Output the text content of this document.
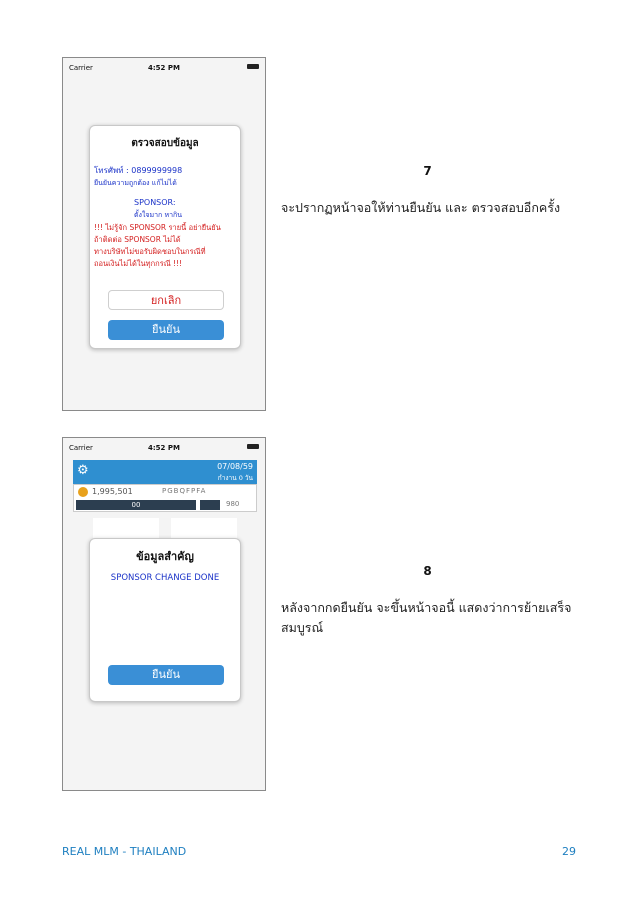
Carrier	4:52 PM
ตรวจสอบข้อมูล
โทรศัพท์ : 0899999998
ยืนยันความถูกต้อง แก้ไม่ได้
SPONSOR:
ตั้งใจมาก หากิน
!!! ไม่รู้จัก SPONSOR รายนี้ อย่ายืนยัน
ถ้าติดต่อ SPONSOR ไม่ได้
ทางบริษัทไม่ขอรับผิดชอบในกรณีที่
ถอนเงินไม่ได้ในทุกกรณี !!!
ยกเลิก
ยืนยัน
Carrier	4:52 PM
⚙	07/08/59
กำงาน 0 วัน
1,995,501	PGBQFPFA
00	980
ข้อมูลสำคัญ
SPONSOR CHANGE DONE
ยืนยัน
7
จะปรากฏหน้าจอให้ท่านยืนยัน และ ตรวจสอบอีกครั้ง
8
หลังจากกดยืนยัน จะขึ้นหน้าจอนี้ แสดงว่าการย้ายเสร็จ
สมบูรณ์
REAL MLM - THAILAND	29
